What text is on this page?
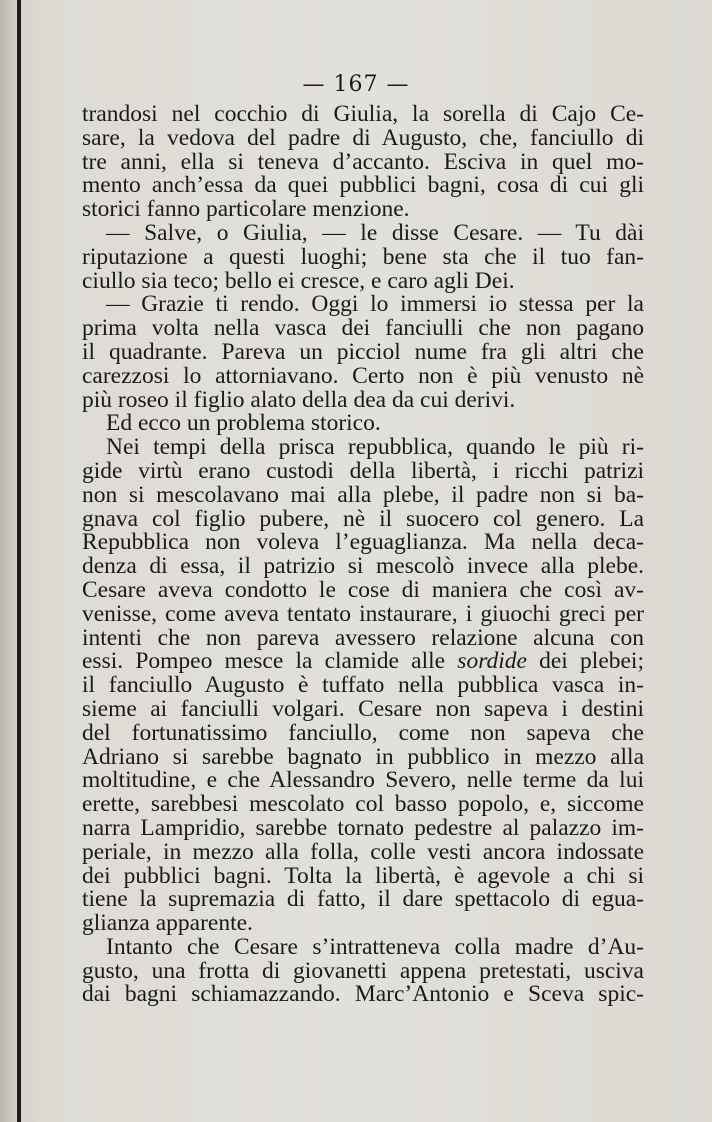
— 167 —
trandosi nel cocchio di Giulia, la sorella di Cajo Ce-
sare, la vedova del padre di Augusto, che, fanciullo di
tre anni, ella si teneva d’accanto. Esciva in quel mo-
mento anch’essa da quei pubblici bagni, cosa di cui gli
storici fanno particolare menzione.
— Salve, o Giulia, — le disse Cesare. — Tu dài
riputazione a questi luoghi; bene sta che il tuo fan-
ciullo sia teco; bello ei cresce, e caro agli Dei.
— Grazie ti rendo. Oggi lo immersi io stessa per la
prima volta nella vasca dei fanciulli che non pagano
il quadrante. Pareva un picciol nume fra gli altri che
carezzosi lo attorniavano. Certo non è più venusto nè
più roseo il figlio alato della dea da cui derivi.
Ed ecco un problema storico.
Nei tempi della prisca repubblica, quando le più ri-
gide virtù erano custodi della libertà, i ricchi patrizi
non si mescolavano mai alla plebe, il padre non si ba-
gnava col figlio pubere, nè il suocero col genero. La
Repubblica non voleva l’eguaglianza. Ma nella deca-
denza di essa, il patrizio si mescolò invece alla plebe.
Cesare aveva condotto le cose di maniera che così av-
venisse, come aveva tentato instaurare, i giuochi greci per
intenti che non pareva avessero relazione alcuna con
essi. Pompeo mesce la clamide alle sordide dei plebei;
il fanciullo Augusto è tuffato nella pubblica vasca in-
sieme ai fanciulli volgari. Cesare non sapeva i destini
del fortunatissimo fanciullo, come non sapeva che
Adriano si sarebbe bagnato in pubblico in mezzo alla
moltitudine, e che Alessandro Severo, nelle terme da lui
erette, sarebbesi mescolato col basso popolo, e, siccome
narra Lampridio, sarebbe tornato pedestre al palazzo im-
periale, in mezzo alla folla, colle vesti ancora indossate
dei pubblici bagni. Tolta la libertà, è agevole a chi si
tiene la supremazia di fatto, il dare spettacolo di egua-
glianza apparente.
Intanto che Cesare s’intratteneva colla madre d’Au-
gusto, una frotta di giovanetti appena pretestati, usciva
dai bagni schiamazzando. Marc’Antonio e Sceva spic-
